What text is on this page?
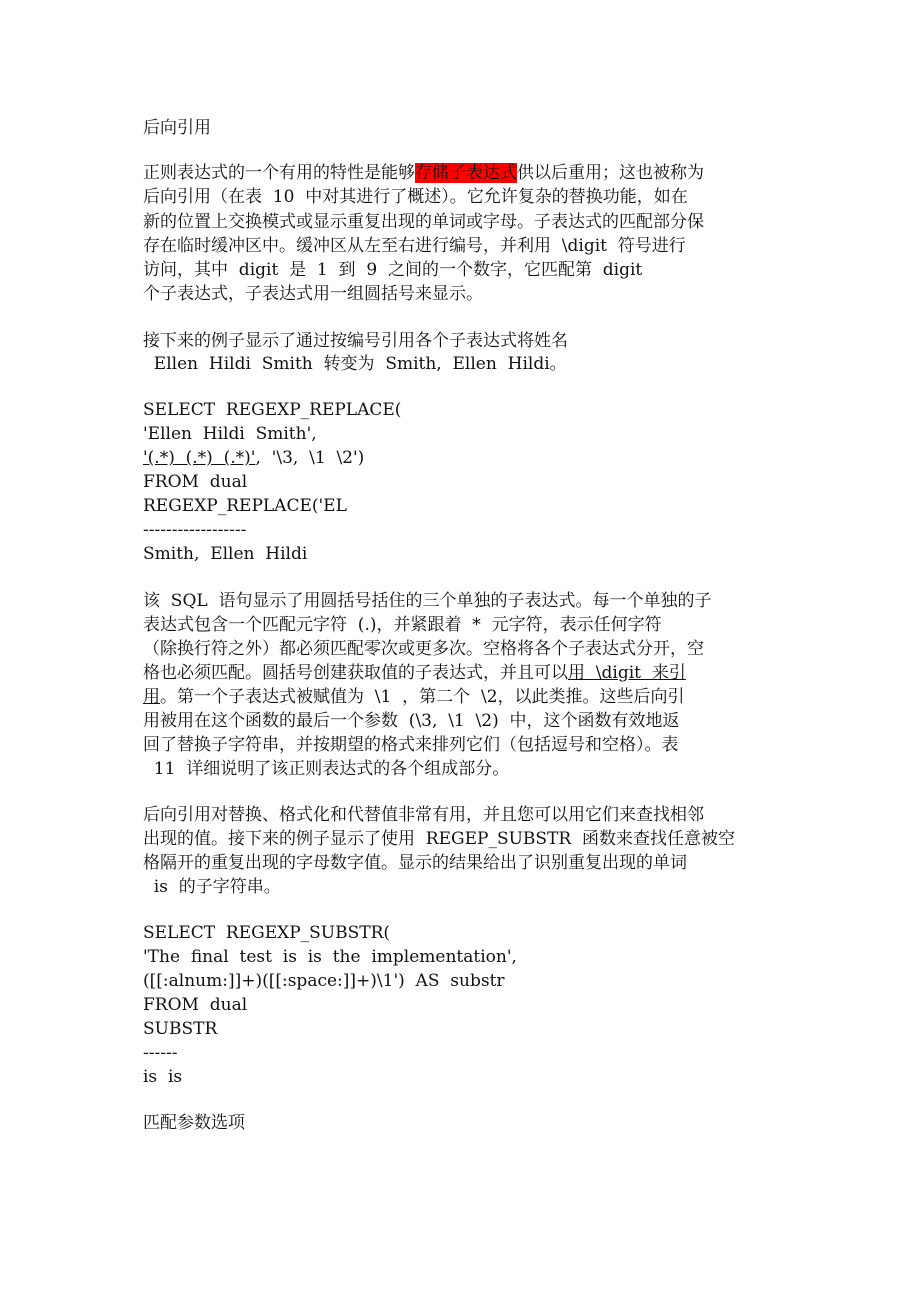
后向引用
正则表达式的一个有用的特性是能够存储子表达式供以后重用；这也被称为
后向引用（在表  10  中对其进行了概述）。它允许复杂的替换功能，如在
新的位置上交换模式或显示重复出现的单词或字母。子表达式的匹配部分保
存在临时缓冲区中。缓冲区从左至右进行编号，并利用  \digit  符号进行
访问，其中  digit  是  1  到  9  之间的一个数字，它匹配第  digit
个子表达式，子表达式用一组圆括号来显示。
接下来的例子显示了通过按编号引用各个子表达式将姓名
Ellen  Hildi  Smith  转变为  Smith,  Ellen  Hildi。
SELECT  REGEXP_REPLACE(
'Ellen  Hildi  Smith',
'(.*)  (.*)  (.*)',  '\3,  \1  \2')
FROM  dual
REGEXP_REPLACE('EL
------------------
Smith,  Ellen  Hildi
该  SQL  语句显示了用圆括号括住的三个单独的子表达式。每一个单独的子
表达式包含一个匹配元字符  (.)，并紧跟着  *  元字符，表示任何字符
（除换行符之外）都必须匹配零次或更多次。空格将各个子表达式分开，空
格也必须匹配。圆括号创建获取值的子表达式，并且可以用  \digit  来引
用。第一个子表达式被赋值为  \1  ，第二个  \2，以此类推。这些后向引
用被用在这个函数的最后一个参数  (\3,  \1  \2)  中，这个函数有效地返
回了替换子字符串，并按期望的格式来排列它们（包括逗号和空格）。表
11  详细说明了该正则表达式的各个组成部分。
后向引用对替换、格式化和代替值非常有用，并且您可以用它们来查找相邻
出现的值。接下来的例子显示了使用  REGEP_SUBSTR  函数来查找任意被空
格隔开的重复出现的字母数字值。显示的结果给出了识别重复出现的单词
is  的子字符串。
SELECT  REGEXP_SUBSTR(
'The  final  test  is  is  the  implementation',
([[:alnum:]]+)([[:space:]]+)\1')  AS  substr
FROM  dual
SUBSTR
------
is  is
匹配参数选项
